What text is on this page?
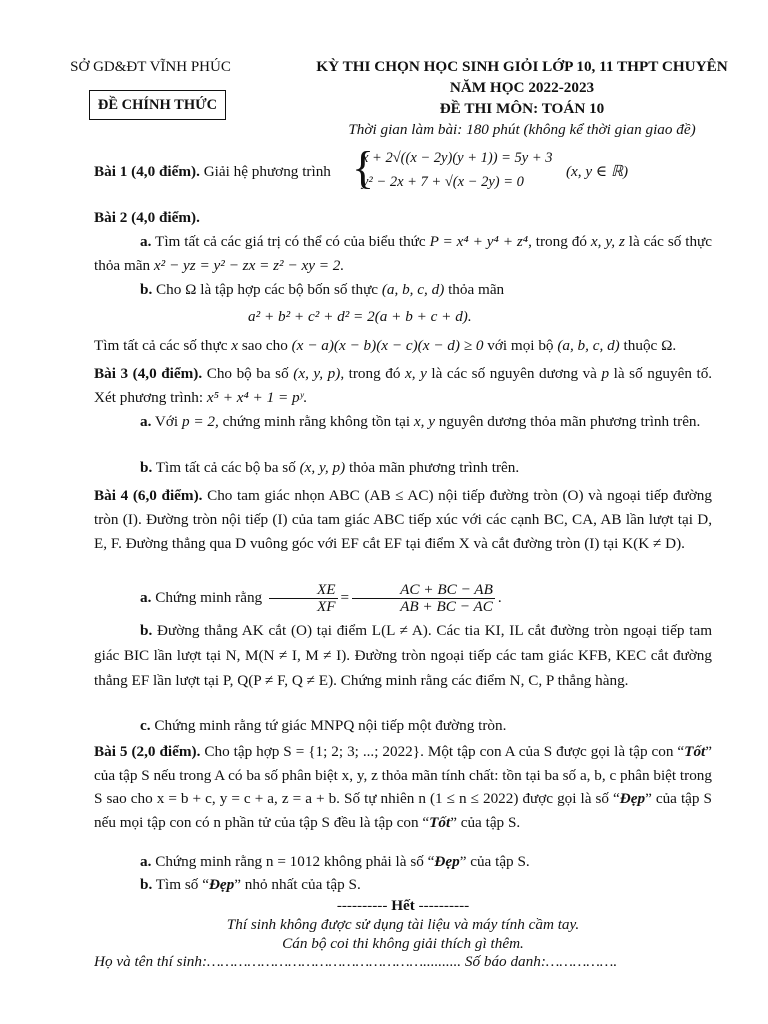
SỞ GD&ĐT VĨNH PHÚC
ĐỀ CHÍNH THỨC
KỲ THI CHỌN HỌC SINH GIỎI LỚP 10, 11 THPT CHUYÊN
NĂM HỌC 2022-2023
ĐỀ THI MÔN: TOÁN 10
Thời gian làm bài: 180 phút (không kể thời gian giao đề)
Bài 1 (4,0 điểm). Giải hệ phương trình {
x + 2√((x − 2y)(y + 1)) = 5y + 3
y² − 2x + 7 + √(x − 2y) = 0
(x, y ∈ ℝ)
Bài 2 (4,0 điểm).
a. Tìm tất cả các giá trị có thể có của biểu thức P = x⁴ + y⁴ + z⁴, trong đó x, y, z là các số thực thỏa mãn x² − yz = y² − zx = z² − xy = 2.
b. Cho Ω là tập hợp các bộ bốn số thực (a, b, c, d) thỏa mãn
a² + b² + c² + d² = 2(a + b + c + d).
Tìm tất cả các số thực x sao cho (x − a)(x − b)(x − c)(x − d) ≥ 0 với mọi bộ (a, b, c, d) thuộc Ω.
Bài 3 (4,0 điểm). Cho bộ ba số (x, y, p), trong đó x, y là các số nguyên dương và p là số nguyên tố. Xét phương trình: x⁵ + x⁴ + 1 = pʸ.
a. Với p = 2, chứng minh rằng không tồn tại x, y nguyên dương thỏa mãn phương trình trên.
b. Tìm tất cả các bộ ba số (x, y, p) thỏa mãn phương trình trên.
Bài 4 (6,0 điểm). Cho tam giác nhọn ABC (AB ≤ AC) nội tiếp đường tròn (O) và ngoại tiếp đường tròn (I). Đường tròn nội tiếp (I) của tam giác ABC tiếp xúc với các cạnh BC, CA, AB lần lượt tại D, E, F. Đường thẳng qua D vuông góc với EF cắt EF tại điểm X và cắt đường tròn (I) tại K(K ≠ D).
a. Chứng minh rằng $\frac{XE}{XF} = \frac{AC + BC - AB}{AB + BC - AC}$ .
b. Đường thẳng AK cắt (O) tại điểm L(L ≠ A). Các tia KI, IL cắt đường tròn ngoại tiếp tam giác BIC lần lượt tại N, M(N ≠ I, M ≠ I). Đường tròn ngoại tiếp các tam giác KFB, KEC cắt đường thẳng EF lần lượt tại P, Q(P ≠ F, Q ≠ E). Chứng minh rằng các điểm N, C, P thẳng hàng.
c. Chứng minh rằng tứ giác MNPQ nội tiếp một đường tròn.
Bài 5 (2,0 điểm). Cho tập hợp S = {1; 2; 3; ...; 2022}. Một tập con A của S được gọi là tập con “Tốt” của tập S nếu trong A có ba số phân biệt x, y, z thỏa mãn tính chất: tồn tại ba số a, b, c phân biệt trong S sao cho x = b + c, y = c + a, z = a + b. Số tự nhiên n (1 ≤ n ≤ 2022) được gọi là số “Đẹp” của tập S nếu mọi tập con có n phần tử của tập S đều là tập con “Tốt” của tập S.
a. Chứng minh rằng n = 1012 không phải là số “Đẹp” của tập S.
b. Tìm số “Đẹp” nhỏ nhất của tập S.
---------- Hết ----------
Thí sinh không được sử dụng tài liệu và máy tính cầm tay.
Cán bộ coi thi không giải thích gì thêm.
Họ và tên thí sinh:………………………………………….......... Số báo danh:…………….
